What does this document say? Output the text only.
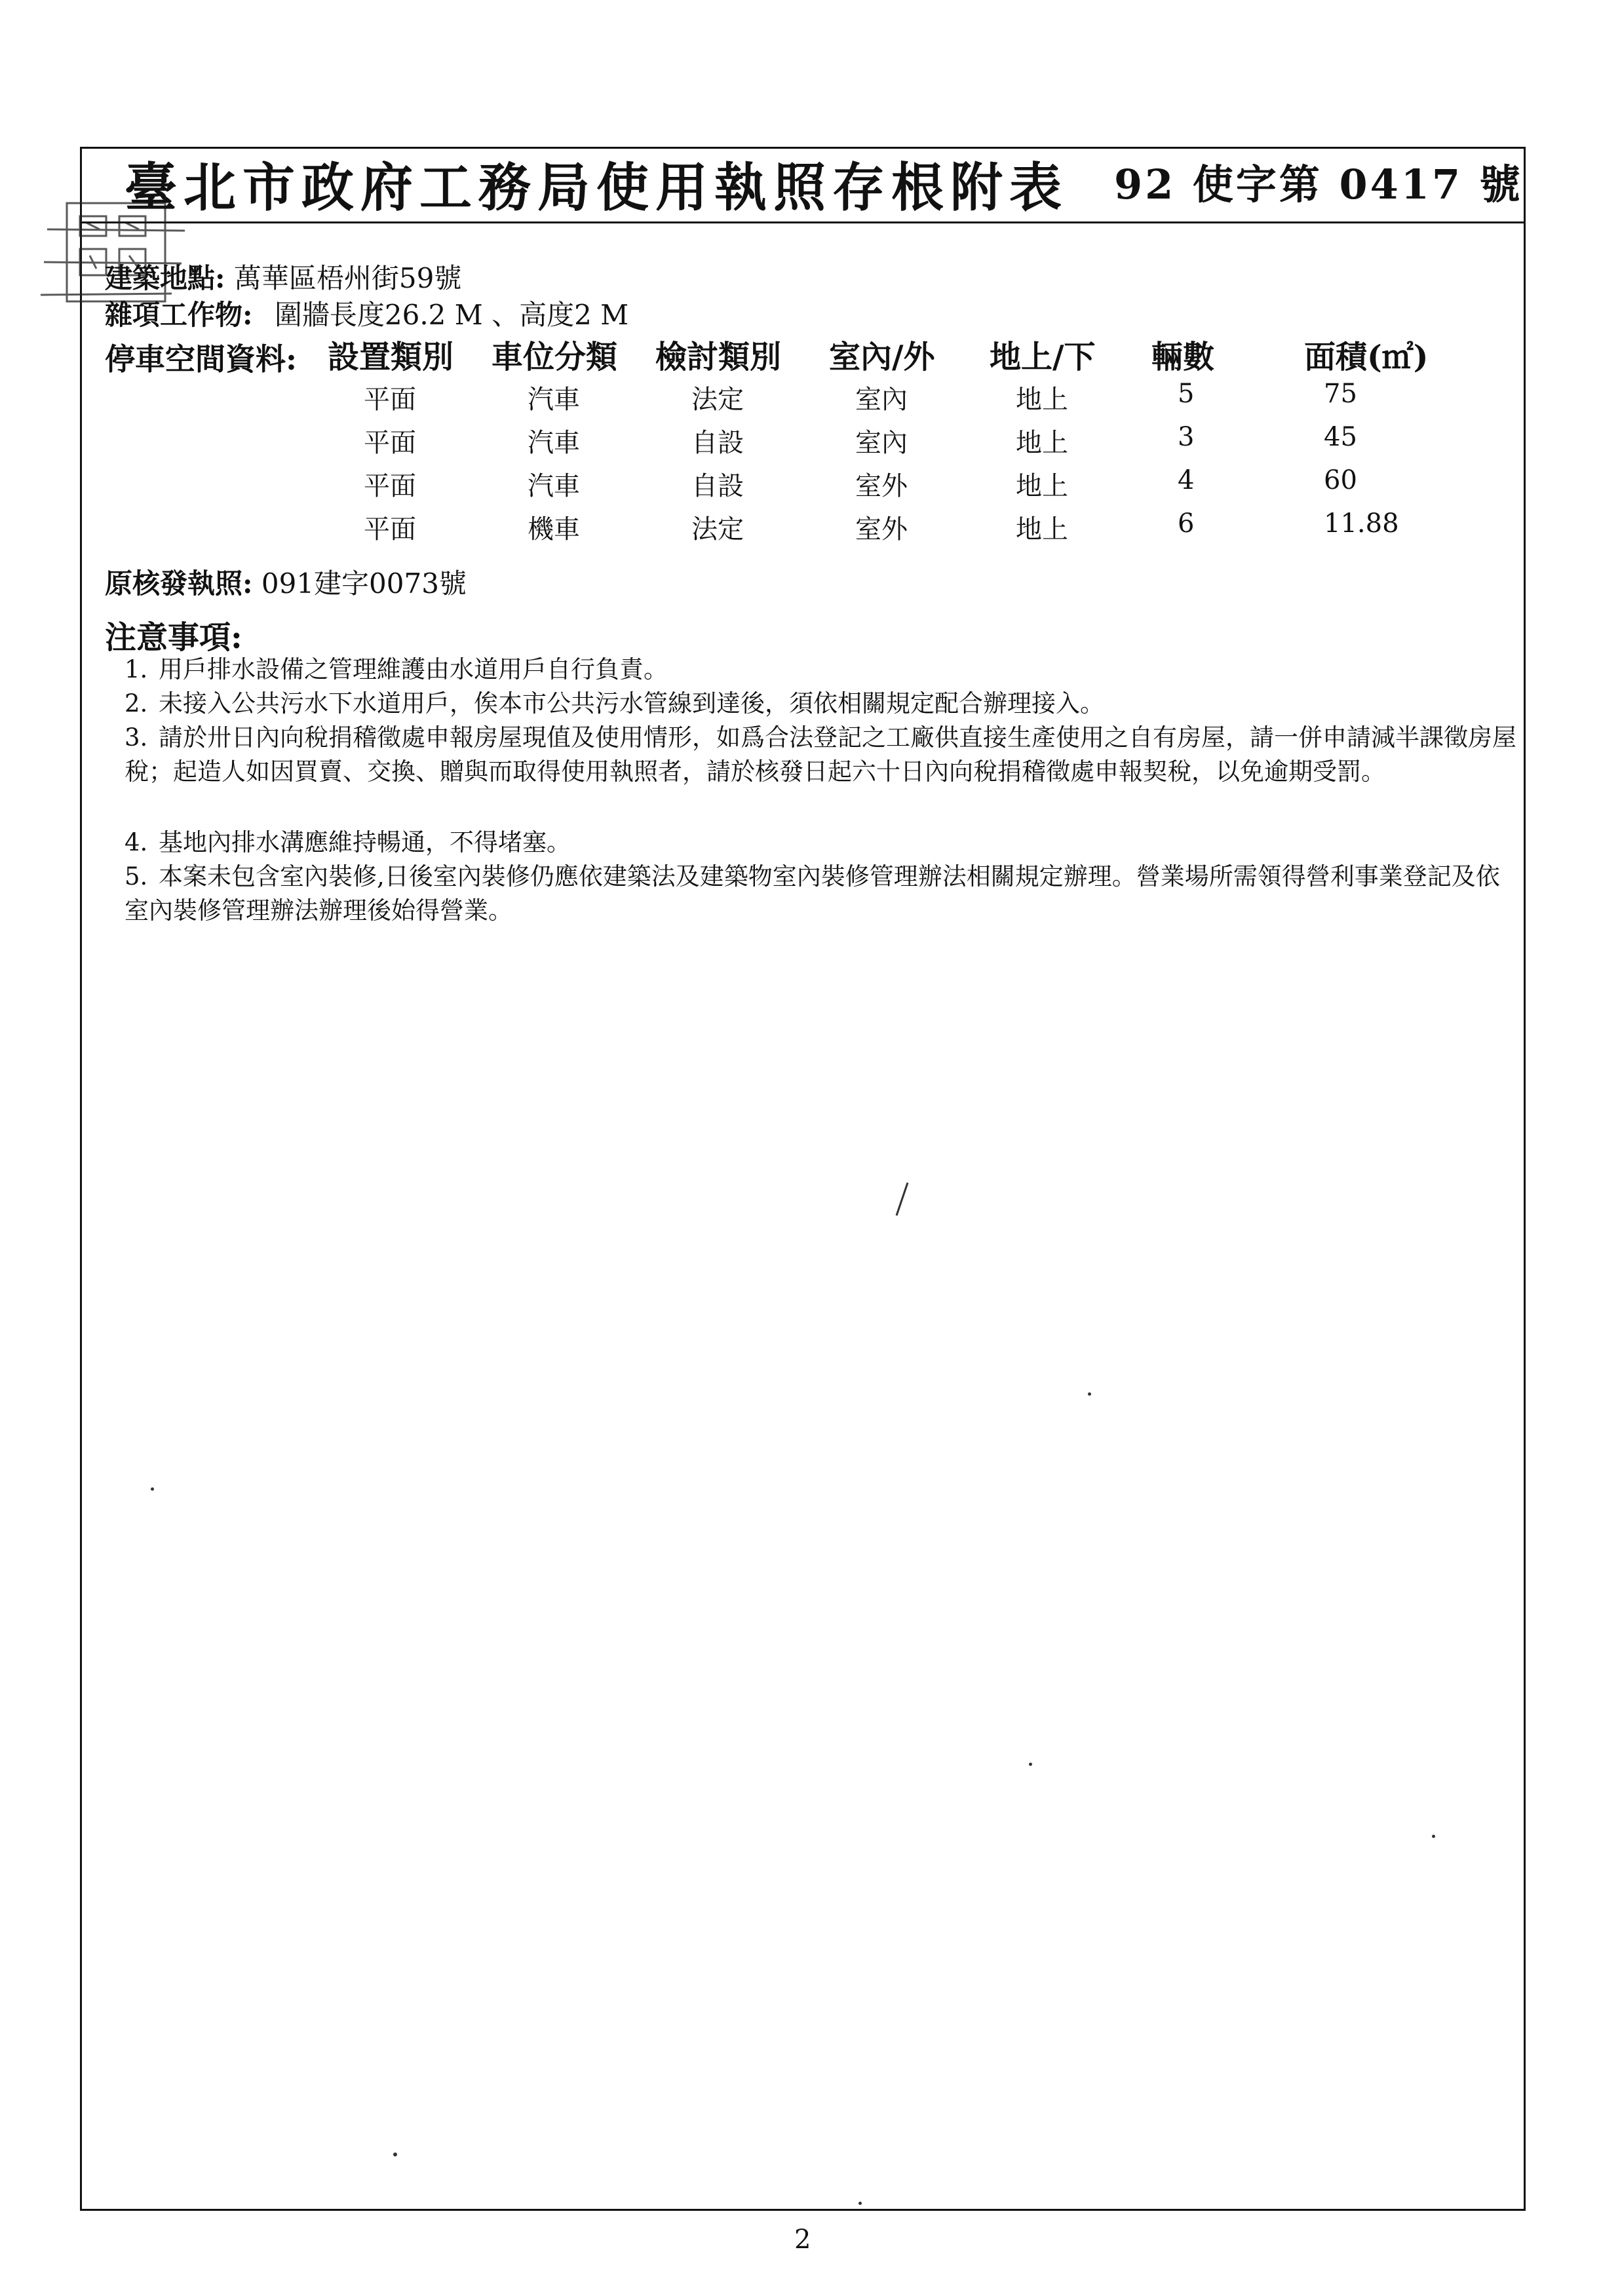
臺北市政府工務局使用執照存根附表 92 使字第 0417 號
建築地點: 萬華區梧州街59號
雜項工作物: 圍牆長度26.2 M 、高度2 M
停車空間資料: 設置類別 車位分類 檢討類別 室內/外 地上/下 輛數	面積(㎡)
平面	汽車	法定	室內	地上	5	75
平面	汽車	自設	室內	地上	3	45
平面	汽車	自設	室外	地上	4	60
平面	機車	法定	室外	地上	6	11.88
原核發執照: 091建字0073號
注意事項:
1. 用戶排水設備之管理維護由水道用戶自行負責。
2. 未接入公共污水下水道用戶，俟本市公共污水管線到達後，須依相關規定配合辦理接入。
3. 請於卅日內向稅捐稽徵處申報房屋現值及使用情形，如爲合法登記之工廠供直接生產使用之自有房屋，請一併申請減半課徵房屋稅；起造人如因買賣、交換、贈與而取得使用執照者，請於核發日起六十日內向稅捐稽徵處申報契稅，以免逾期受罰。
4. 基地內排水溝應維持暢通，不得堵塞。
5. 本案未包含室內裝修,日後室內裝修仍應依建築法及建築物室內裝修管理辦法相關規定辦理。營業場所需領得營利事業登記及依室內裝修管理辦法辦理後始得營業。
2
